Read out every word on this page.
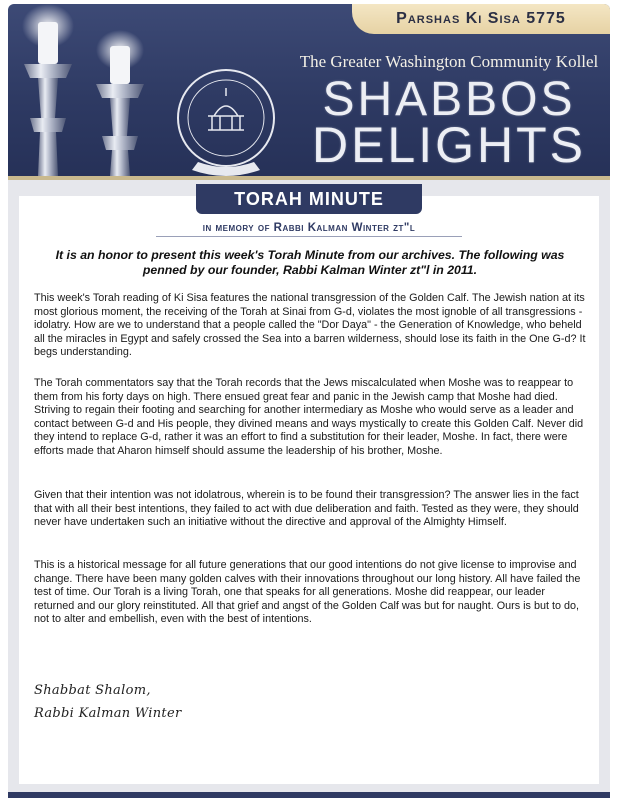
Parshas Ki Sisa 5775
The Greater Washington Community Kollel
SHABBOS
DELIGHTS
TORAH MINUTE
in memory of Rabbi Kalman Winter zt"l
It is an honor to present this week's Torah Minute from our archives. The following was penned by our founder, Rabbi Kalman Winter zt"l in 2011.
This week's Torah reading of Ki Sisa features the national transgression of the Golden Calf. The Jewish nation at its most glorious moment, the receiving of the Torah at Sinai from G-d, violates the most ignoble of all transgressions - idolatry. How are we to understand that a people called the "Dor Daya" - the Generation of Knowledge, who beheld all the miracles in Egypt and safely crossed the Sea into a barren wilderness, should lose its faith in the One G-d? It begs understanding.
The Torah commentators say that the Torah records that the Jews miscalculated when Moshe was to reappear to them from his forty days on high. There ensued great fear and panic in the Jewish camp that Moshe had died. Striving to regain their footing and searching for another intermediary as Moshe who would serve as a leader and contact between G-d and His people, they divined means and ways mystically to create this Golden Calf. Never did they intend to replace G-d, rather it was an effort to find a substitution for their leader, Moshe. In fact, there were efforts made that Aharon himself should assume the leadership of his brother, Moshe.
Given that their intention was not idolatrous, wherein is to be found their transgression? The answer lies in the fact that with all their best intentions, they failed to act with due deliberation and faith. Tested as they were, they should never have undertaken such an initiative without the directive and approval of the Almighty Himself.
This is a historical message for all future generations that our good intentions do not give license to improvise and change. There have been many golden calves with their innovations throughout our long history. All have failed the test of time. Our Torah is a living Torah, one that speaks for all generations. Moshe did reappear, our leader returned and our glory reinstituted. All that grief and angst of the Golden Calf was but for naught. Ours is but to do, not to alter and embellish, even with the best of intentions.
Shabbat Shalom,
Rabbi Kalman Winter
